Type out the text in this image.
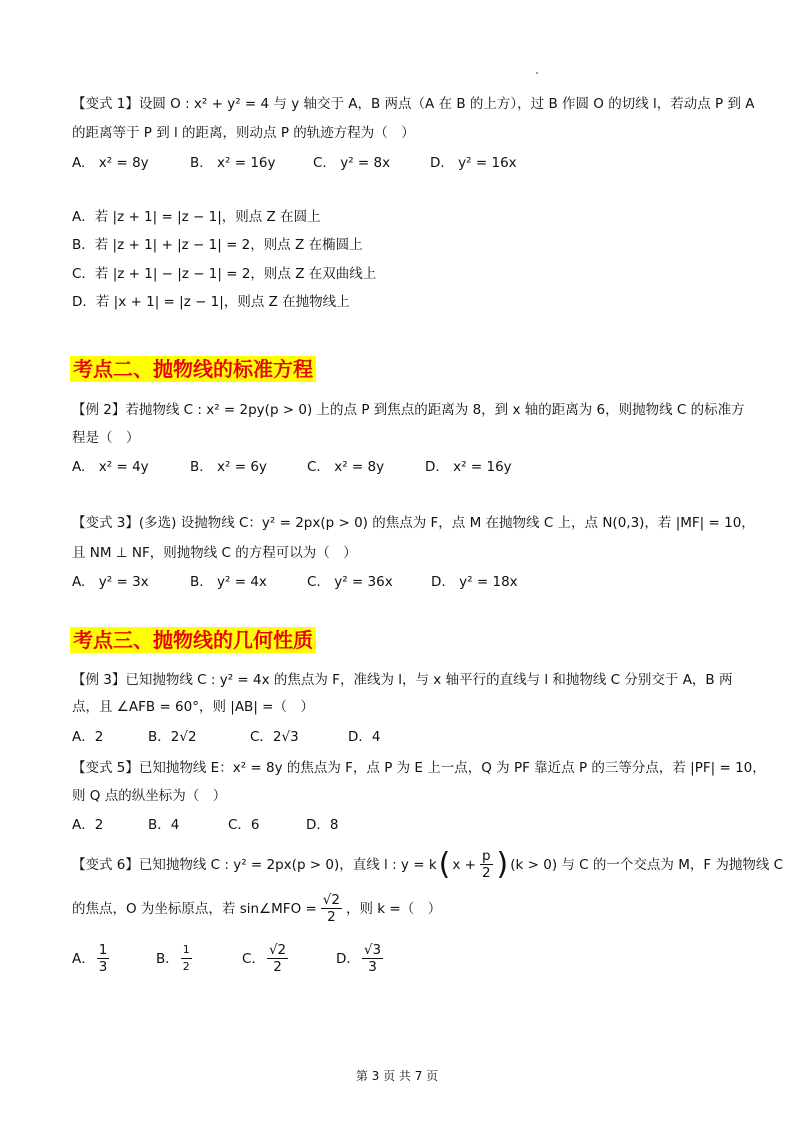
【变式 1】设圆 O : x² + y² = 4 与 y 轴交于 A，B 两点（A 在 B 的上方），过 B 作圆 O 的切线 l，若动点 P 到 A
的距离等于 P 到 l 的距离，则动点 P 的轨迹方程为（　）
A.　x² = 8y	B.　x² = 16y	C.　y² = 8x	D.　y² = 16x
A．若 |z + 1| = |z − 1|，则点 Z 在圆上
B．若 |z + 1| + |z − 1| = 2，则点 Z 在椭圆上
C．若 |z + 1| − |z − 1| = 2，则点 Z 在双曲线上
D．若 |x + 1| = |z − 1|，则点 Z 在抛物线上
考点二、抛物线的标准方程
【例 2】若抛物线 C : x² = 2py(p > 0) 上的点 P 到焦点的距离为 8，到 x 轴的距离为 6，则抛物线 C 的标准方
程是（　）
A.　x² = 4y	B.　x² = 6y	C.　x² = 8y	D.　x² = 16y
【变式 3】(多选) 设抛物线 C：y² = 2px(p > 0) 的焦点为 F，点 M 在抛物线 C 上，点 N(0,3)，若 |MF| = 10，
且 NM ⊥ NF，则抛物线 C 的方程可以为（　）
A.　y² = 3x	B.　y² = 4x	C.　y² = 36x	D.　y² = 18x
考点三、抛物线的几何性质
【例 3】已知抛物线 C : y² = 4x 的焦点为 F，准线为 l，与 x 轴平行的直线与 l 和抛物线 C 分别交于 A，B 两
点，且 ∠AFB = 60°，则 |AB| =（　）
A．2	B．2√2	C．2√3	D．4
【变式 5】已知抛物线 E：x² = 8y 的焦点为 F，点 P 为 E 上一点，Q 为 PF 靠近点 P 的三等分点，若 |PF| = 10，
则 Q 点的纵坐标为（　）
A．2	B．4	C．6	D．8
【变式 6】已知抛物线 C : y² = 2px(p > 0)，直线 l : y = k ( $x + \frac{p}{2}$ ) (k > 0) 与 C 的一个交点为 M，F 为抛物线 C
的焦点，O 为坐标原点，若 sin∠MFO = $\frac{√2}{2}$ ，则 k =（　）
A． $\frac{1}{3}$	B． $\frac{1}{2}$	C． $\frac{√2}{2}$	D． $\frac{√3}{3}$
第 3 页 共 7 页
